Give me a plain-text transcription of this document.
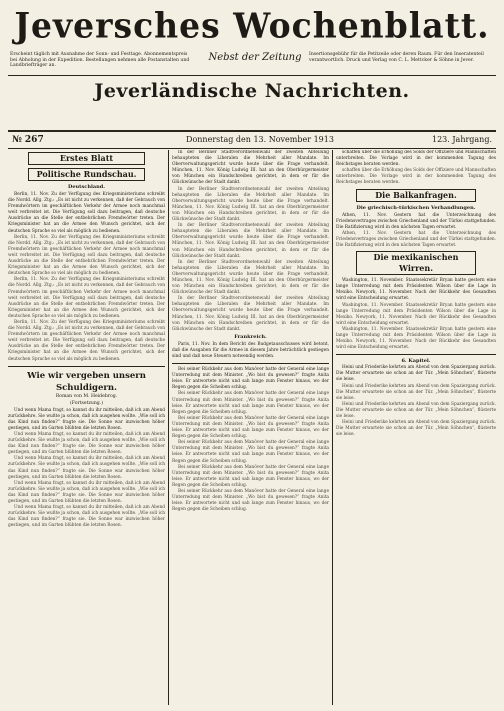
Jeversches Wochenblatt.
Erscheint täglich mit Ausnahme der Sonn- und Festtage. Abonnementspreis bei Abholung in der Expedition. Bestellungen nehmen alle Postanstalten und Landbriefträger an.
Nebst der Zeitung	Insertionsgebühr für die Petitzeile oder deren Raum. Für den Inseratenteil verantwortlich. Druck und Verlag von C. L. Mettcker & Söhne in Jever.
Jeverländische Nachrichten.
№ 267	Donnerstag den 13. November 1913	123. Jahrgang.
Erstes Blatt
Politische Rundschau.
Deutschland.

Berlin, 11. Nov. Zu der Verfügung des Kriegsministeriums schreibt die Nordd. Allg. Ztg.: „Es ist nicht zu verkennen, daß der Gebrauch von Fremdwörtern im geschäftlichen Verkehr der Armee noch manchmal weit verbreitet ist. Die Verfügung soll dazu beitragen, daß deutsche Ausdrücke an die Stelle der entbehrlichen Fremdwörter treten. Der Kriegsminister hat an die Armee den Wunsch gerichtet, sich der deutschen Sprache so viel als möglich zu bedienen.

Berlin, 11. Nov. Zu der Verfügung des Kriegsministeriums schreibt die Nordd. Allg. Ztg.: „Es ist nicht zu verkennen, daß der Gebrauch von Fremdwörtern im geschäftlichen Verkehr der Armee noch manchmal weit verbreitet ist. Die Verfügung soll dazu beitragen, daß deutsche Ausdrücke an die Stelle der entbehrlichen Fremdwörter treten. Der Kriegsminister hat an die Armee den Wunsch gerichtet, sich der deutschen Sprache so viel als möglich zu bedienen.

Berlin, 11. Nov. Zu der Verfügung des Kriegsministeriums schreibt die Nordd. Allg. Ztg.: „Es ist nicht zu verkennen, daß der Gebrauch von Fremdwörtern im geschäftlichen Verkehr der Armee noch manchmal weit verbreitet ist. Die Verfügung soll dazu beitragen, daß deutsche Ausdrücke an die Stelle der entbehrlichen Fremdwörter treten. Der Kriegsminister hat an die Armee den Wunsch gerichtet, sich der deutschen Sprache so viel als möglich zu bedienen.

Berlin, 11. Nov. Zu der Verfügung des Kriegsministeriums schreibt die Nordd. Allg. Ztg.: „Es ist nicht zu verkennen, daß der Gebrauch von Fremdwörtern im geschäftlichen Verkehr der Armee noch manchmal weit verbreitet ist. Die Verfügung soll dazu beitragen, daß deutsche Ausdrücke an die Stelle der entbehrlichen Fremdwörter treten. Der Kriegsminister hat an die Armee den Wunsch gerichtet, sich der deutschen Sprache so viel als möglich zu bedienen.

Wie wir vergeben unsern Schuldigern.
Roman von M. Heidebrog.
(Fortsetzung.)

Und wenn Mama fragt, so kannst du ihr mitteilen, daß ich am Abend zurückkehre. Sie wußte ja schon, daß ich ausgehen wollte. „Wie soll ich das Kind nun finden?“ fragte sie. Die Sonne war inzwischen höher gestiegen, und im Garten blühten die letzten Rosen.

Und wenn Mama fragt, so kannst du ihr mitteilen, daß ich am Abend zurückkehre. Sie wußte ja schon, daß ich ausgehen wollte. „Wie soll ich das Kind nun finden?“ fragte sie. Die Sonne war inzwischen höher gestiegen, und im Garten blühten die letzten Rosen.

Und wenn Mama fragt, so kannst du ihr mitteilen, daß ich am Abend zurückkehre. Sie wußte ja schon, daß ich ausgehen wollte. „Wie soll ich das Kind nun finden?“ fragte sie. Die Sonne war inzwischen höher gestiegen, und im Garten blühten die letzten Rosen.

Und wenn Mama fragt, so kannst du ihr mitteilen, daß ich am Abend zurückkehre. Sie wußte ja schon, daß ich ausgehen wollte. „Wie soll ich das Kind nun finden?“ fragte sie. Die Sonne war inzwischen höher gestiegen, und im Garten blühten die letzten Rosen.

Und wenn Mama fragt, so kannst du ihr mitteilen, daß ich am Abend zurückkehre. Sie wußte ja schon, daß ich ausgehen wollte. „Wie soll ich das Kind nun finden?“ fragte sie. Die Sonne war inzwischen höher gestiegen, und im Garten blühten die letzten Rosen.

In der Berliner Stadtverordnetenwahl der zweiten Abteilung behaupteten die Liberalen die Mehrheit aller Mandate. Im Oberverwaltungsgericht wurde heute über die Frage verhandelt. München, 11. Nov. König Ludwig III. hat an den Oberbürgermeister von München ein Handschreiben gerichtet, in dem er für die Glückwünsche der Stadt dankt.

In der Berliner Stadtverordnetenwahl der zweiten Abteilung behaupteten die Liberalen die Mehrheit aller Mandate. Im Oberverwaltungsgericht wurde heute über die Frage verhandelt. München, 11. Nov. König Ludwig III. hat an den Oberbürgermeister von München ein Handschreiben gerichtet, in dem er für die Glückwünsche der Stadt dankt.

In der Berliner Stadtverordnetenwahl der zweiten Abteilung behaupteten die Liberalen die Mehrheit aller Mandate. Im Oberverwaltungsgericht wurde heute über die Frage verhandelt. München, 11. Nov. König Ludwig III. hat an den Oberbürgermeister von München ein Handschreiben gerichtet, in dem er für die Glückwünsche der Stadt dankt.

In der Berliner Stadtverordnetenwahl der zweiten Abteilung behaupteten die Liberalen die Mehrheit aller Mandate. Im Oberverwaltungsgericht wurde heute über die Frage verhandelt. München, 11. Nov. König Ludwig III. hat an den Oberbürgermeister von München ein Handschreiben gerichtet, in dem er für die Glückwünsche der Stadt dankt.

In der Berliner Stadtverordnetenwahl der zweiten Abteilung behaupteten die Liberalen die Mehrheit aller Mandate. Im Oberverwaltungsgericht wurde heute über die Frage verhandelt. München, 11. Nov. König Ludwig III. hat an den Oberbürgermeister von München ein Handschreiben gerichtet, in dem er für die Glückwünsche der Stadt dankt.

Frankreich.

Paris, 11. Nov. In dem Bericht des Budgetausschusses wird betont, daß die Ausgaben für die Armee in diesem Jahre beträchtlich gestiegen sind und daß neue Steuern notwendig werden.

Bei seiner Rückkehr aus dem Manöver hatte der General eine lange Unterredung mit dem Minister. „Wo bist du gewesen?“ fragte Anita leise. Er antwortete nicht und sah lange zum Fenster hinaus, wo der Regen gegen die Scheiben schlug.

Bei seiner Rückkehr aus dem Manöver hatte der General eine lange Unterredung mit dem Minister. „Wo bist du gewesen?“ fragte Anita leise. Er antwortete nicht und sah lange zum Fenster hinaus, wo der Regen gegen die Scheiben schlug.

Bei seiner Rückkehr aus dem Manöver hatte der General eine lange Unterredung mit dem Minister. „Wo bist du gewesen?“ fragte Anita leise. Er antwortete nicht und sah lange zum Fenster hinaus, wo der Regen gegen die Scheiben schlug.

Bei seiner Rückkehr aus dem Manöver hatte der General eine lange Unterredung mit dem Minister. „Wo bist du gewesen?“ fragte Anita leise. Er antwortete nicht und sah lange zum Fenster hinaus, wo der Regen gegen die Scheiben schlug.

Bei seiner Rückkehr aus dem Manöver hatte der General eine lange Unterredung mit dem Minister. „Wo bist du gewesen?“ fragte Anita leise. Er antwortete nicht und sah lange zum Fenster hinaus, wo der Regen gegen die Scheiben schlug.

Bei seiner Rückkehr aus dem Manöver hatte der General eine lange Unterredung mit dem Minister. „Wo bist du gewesen?“ fragte Anita leise. Er antwortete nicht und sah lange zum Fenster hinaus, wo der Regen gegen die Scheiben schlug.

schaffen über die Erhöhung des Solds der Offiziere und Mannschaften unterbreiten. Die Vorlage wird in der kommenden Tagung des Reichstages beraten werden.

schaffen über die Erhöhung des Solds der Offiziere und Mannschaften unterbreiten. Die Vorlage wird in der kommenden Tagung des Reichstages beraten werden.

Die Balkanfragen.
Die griechisch-türkischen Verhandlungen.

Athen, 11. Nov. Gestern hat die Unterzeichnung des Friedensvertrages zwischen Griechenland und der Türkei stattgefunden. Die Ratifizierung wird in den nächsten Tagen erwartet.

Athen, 11. Nov. Gestern hat die Unterzeichnung des Friedensvertrages zwischen Griechenland und der Türkei stattgefunden. Die Ratifizierung wird in den nächsten Tagen erwartet.

Die mexikanischen Wirren.

Washington, 11. November. Staatssekretär Bryan hatte gestern eine lange Unterredung mit dem Präsidenten Wilson über die Lage in Mexiko. Newyork, 11. November. Nach der Rückkehr des Gesandten wird eine Entscheidung erwartet.

Washington, 11. November. Staatssekretär Bryan hatte gestern eine lange Unterredung mit dem Präsidenten Wilson über die Lage in Mexiko. Newyork, 11. November. Nach der Rückkehr des Gesandten wird eine Entscheidung erwartet.

Washington, 11. November. Staatssekretär Bryan hatte gestern eine lange Unterredung mit dem Präsidenten Wilson über die Lage in Mexiko. Newyork, 11. November. Nach der Rückkehr des Gesandten wird eine Entscheidung erwartet.

6. Kapitel.

Heini und Friederike kehrten am Abend von dem Spaziergang zurück. Die Mutter erwartete sie schon an der Tür. „Mein Söhnchen“, flüsterte sie leise.

Heini und Friederike kehrten am Abend von dem Spaziergang zurück. Die Mutter erwartete sie schon an der Tür. „Mein Söhnchen“, flüsterte sie leise.

Heini und Friederike kehrten am Abend von dem Spaziergang zurück. Die Mutter erwartete sie schon an der Tür. „Mein Söhnchen“, flüsterte sie leise.

Heini und Friederike kehrten am Abend von dem Spaziergang zurück. Die Mutter erwartete sie schon an der Tür. „Mein Söhnchen“, flüsterte sie leise.
